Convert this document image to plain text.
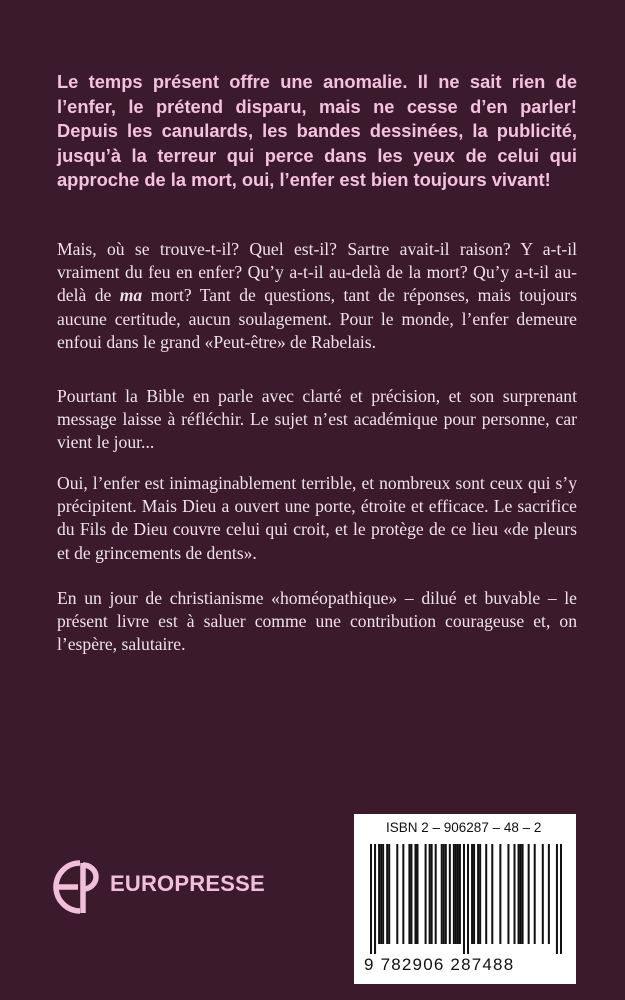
Le temps présent offre une anomalie. Il ne sait rien de l’enfer, le prétend disparu, mais ne cesse d’en parler! Depuis les canulards, les bandes dessinées, la publicité, jusqu’à la terreur qui perce dans les yeux de celui qui approche de la mort, oui, l’enfer est bien toujours vivant!

Mais, où se trouve-t-il? Quel est-il? Sartre avait-il raison? Y a-t-il vraiment du feu en enfer? Qu’y a-t-il au-delà de la mort? Qu’y a-t-il au-delà de ma mort? Tant de questions, tant de réponses, mais toujours aucune certitude, aucun soulagement. Pour le monde, l’enfer demeure enfoui dans le grand «Peut-être» de Rabelais.

Pourtant la Bible en parle avec clarté et précision, et son surprenant message laisse à réfléchir. Le sujet n’est académique pour personne, car vient le jour...

Oui, l’enfer est inimaginablement terrible, et nombreux sont ceux qui s’y précipitent. Mais Dieu a ouvert une porte, étroite et efficace. Le sacrifice du Fils de Dieu couvre celui qui croit, et le protège de ce lieu «de pleurs et de grincements de dents».

En un jour de christianisme «homéopathique» – dilué et buvable – le présent livre est à saluer comme une contribution courageuse et, on l’espère, salutaire.

EUROPRESSE
ISBN 2 – 906287 – 48 – 2
9 782906 287488
